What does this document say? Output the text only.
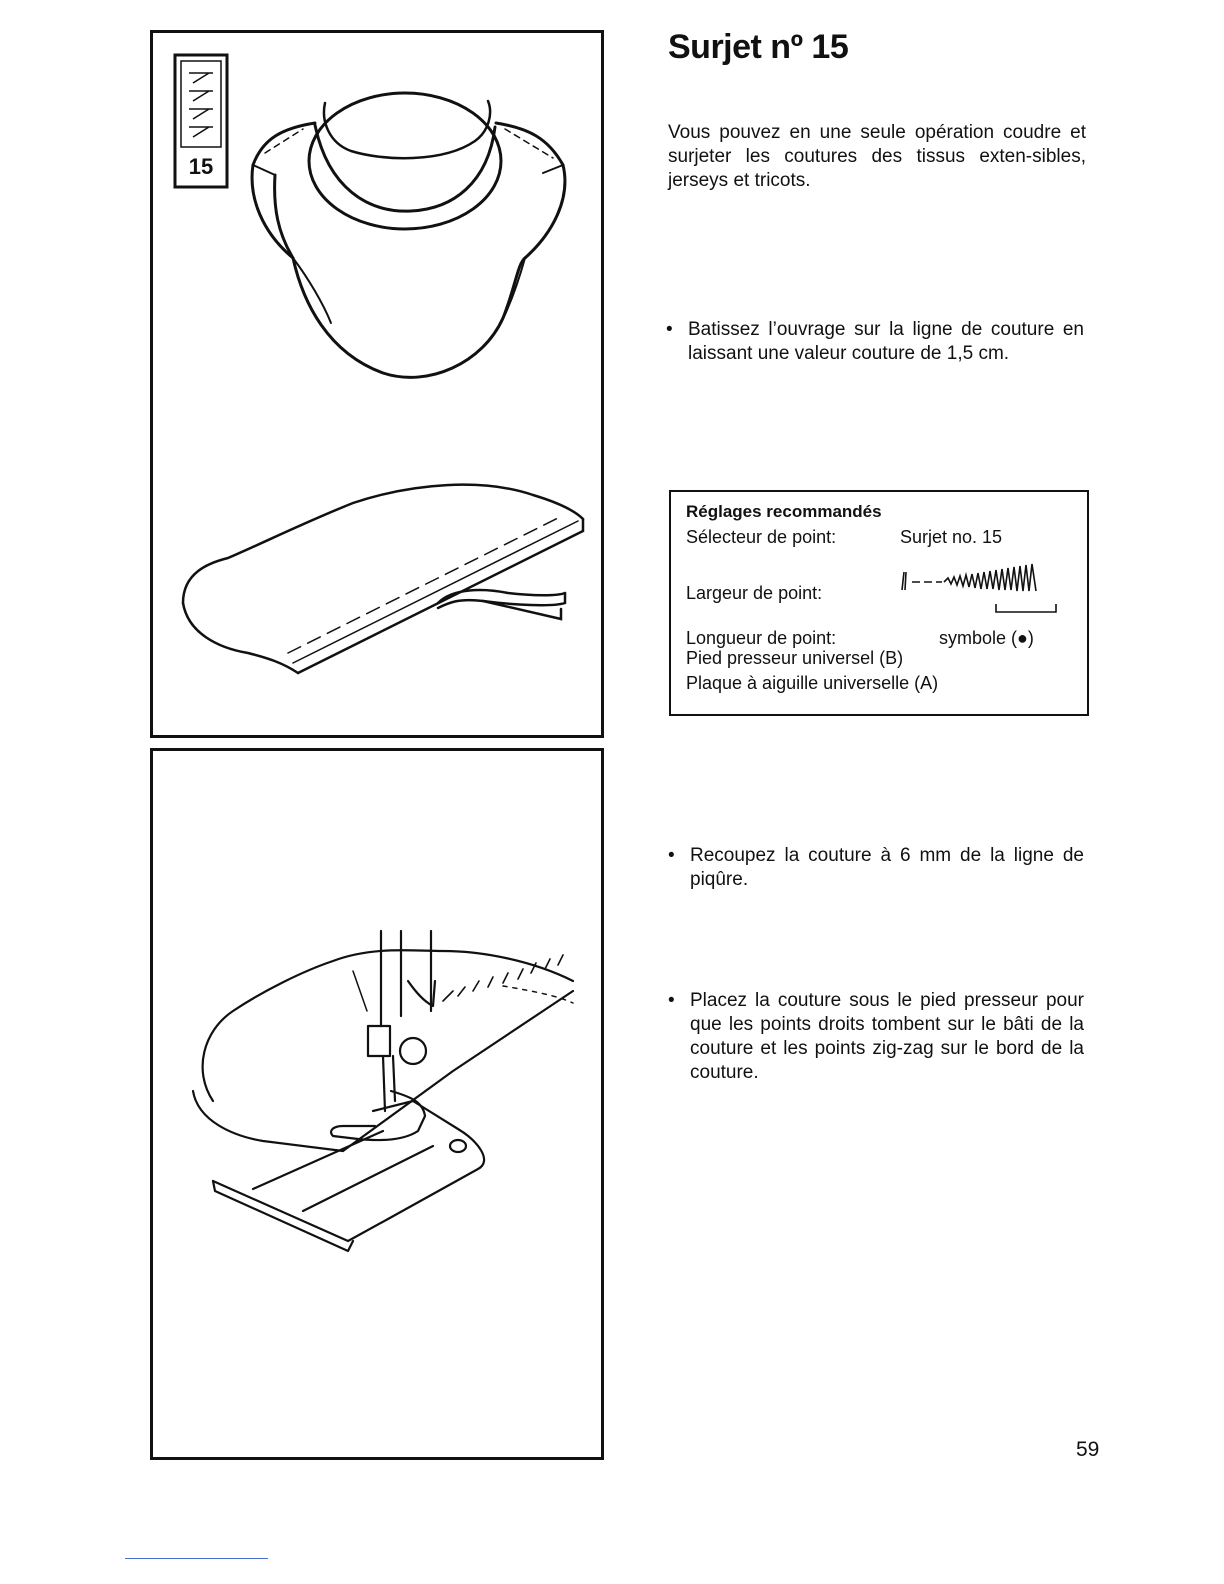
15
Surjet nº 15

Vous pouvez en une seule opération coudre et surjeter les coutures des tissus exten-sibles, jerseys et tricots.

• Batissez l’ouvrage sur la ligne de couture en laissant une valeur couture de 1,5 cm.
Réglages recommandés
Sélecteur de point:	Surjet no. 15
Largeur de point:
Longueur de point:	symbole (●)
Pied presseur universel (B)
Plaque à aiguille universelle (A)
• Recoupez la couture à 6 mm de la ligne de piqûre.
• Placez la couture sous le pied presseur pour que les points droits tombent sur le bâti de la couture et les points zig-zag sur le bord de la couture.
59
